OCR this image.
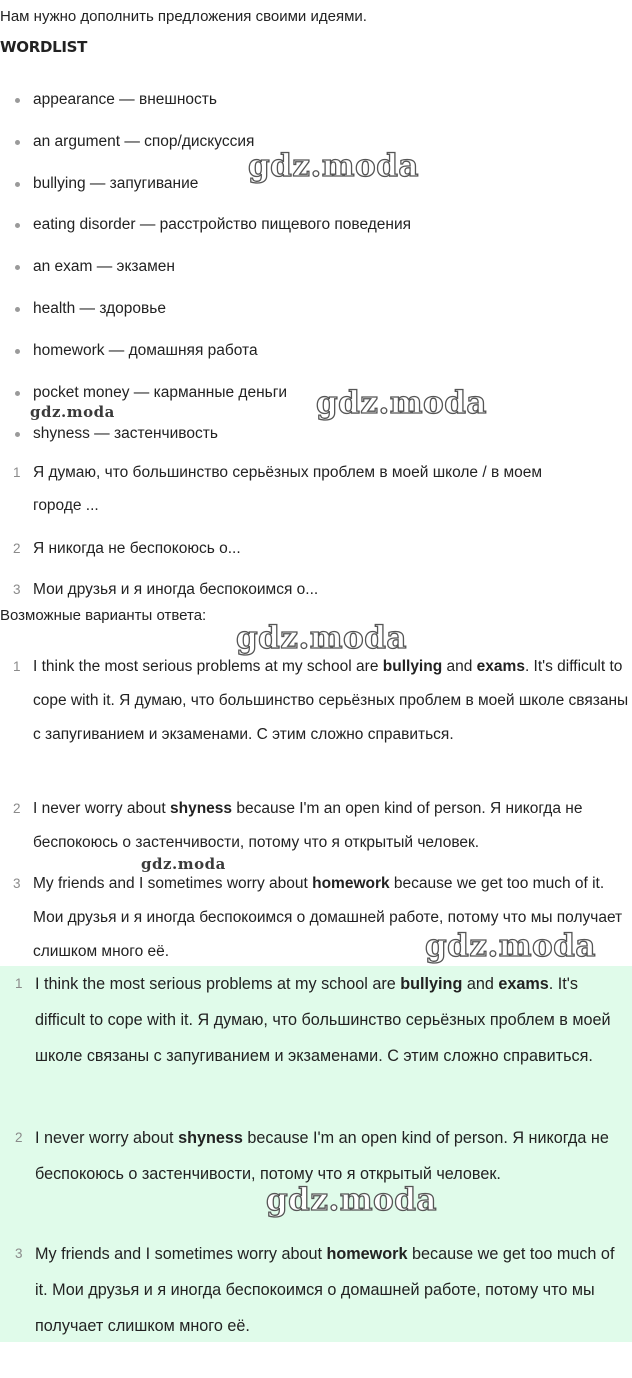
Нам нужно дополнить предложения своими идеями.
WORDLIST
appearance — внешность
an argument — спор/дискуссия
bullying — запугивание
eating disorder — расстройство пищевого поведения
an exam — экзамен
health — здоровье
homework — домашняя работа
pocket money — карманные деньги
shyness — застенчивость
1 Я думаю, что большинство серьёзных проблем в моей школе / в моем
городе ...
2 Я никогда не беспокоюсь о...
3 Мои друзья и я иногда беспокоимся о...
Возможные варианты ответа:
1 I think the most serious problems at my school are bullying and exams. It's difficult to cope with it. Я думаю, что большинство серьёзных проблем в моей школе связаны с запугиванием и экзаменами. С этим сложно справиться.
2 I never worry about shyness because I'm an open kind of person. Я никогда не беспокоюсь о застенчивости, потому что я открытый человек.
3 My friends and I sometimes worry about homework because we get too much of it. Мои друзья и я иногда беспокоимся о домашней работе, потому что мы получает слишком много её.
1 I think the most serious problems at my school are bullying and exams. It's difficult to cope with it. Я думаю, что большинство серьёзных проблем в моей школе связаны с запугиванием и экзаменами. С этим сложно справиться.
2 I never worry about shyness because I'm an open kind of person. Я никогда не беспокоюсь о застенчивости, потому что я открытый человек.
3 My friends and I sometimes worry about homework because we get too much of it. Мои друзья и я иногда беспокоимся о домашней работе, потому что мы получает слишком много её.
gdz.moda
gdz.moda	gdz.moda
gdz.moda
gdz.moda
gdz.moda
gdz.moda
